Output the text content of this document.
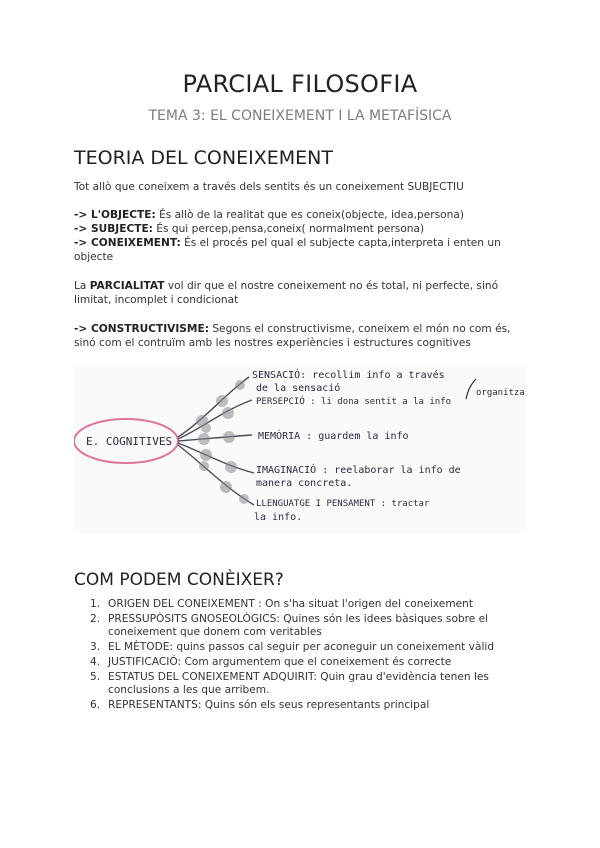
PARCIAL FILOSOFIA

TEMA 3: EL CONEIXEMENT I LA METAFÍSICA

TEORIA DEL CONEIXEMENT

Tot allò que coneixem a través dels sentits és un coneixement SUBJECTIU

-> L'OBJECTE: És allò de la realitat que es coneix(objecte, idea,persona)
-> SUBJECTE: És qui percep,pensa,coneix( normalment persona)
-> CONEIXEMENT: És el procés pel qual el subjecte capta,interpreta i enten un objecte

La PARCIALITAT vol dir que el nostre coneixement no és total, ni perfecte, sinó limitat, incomplet i condicionat

-> CONSTRUCTIVISME: Segons el constructivisme, coneixem el món no com és, sinó com el contruïm amb les nostres experiències i estructures cognitives

E. COGNITIVES
SENSACIÓ: recollim info a través
de la sensació
PERSEPCIÓ : li dona sentit a la info
organitza
MEMÒRIA : guardem la info
IMAGINACIÓ : reelaborar la info de
manera concreta.
LLENGUATGE I PENSAMENT : tractar
la info.
COM PODEM CONÈIXER?
1. ORIGEN DEL CONEIXEMENT : On s'ha situat l'origen del coneixement
2. PRESSUPÒSITS GNOSEOLÒGICS: Quines són les idees bàsiques sobre el coneixement que donem com veritables
3. EL MÈTODE: quins passos cal seguir per aconeguir un coneixement vàlid
4. JUSTIFICACIÓ: Com argumentem que el coneixement és correcte
5. ESTATUS DEL CONEIXEMENT ADQUIRIT: Quin grau d'evidència tenen les conclusions a les que arribem.
6. REPRESENTANTS: Quins són els seus representants principal
